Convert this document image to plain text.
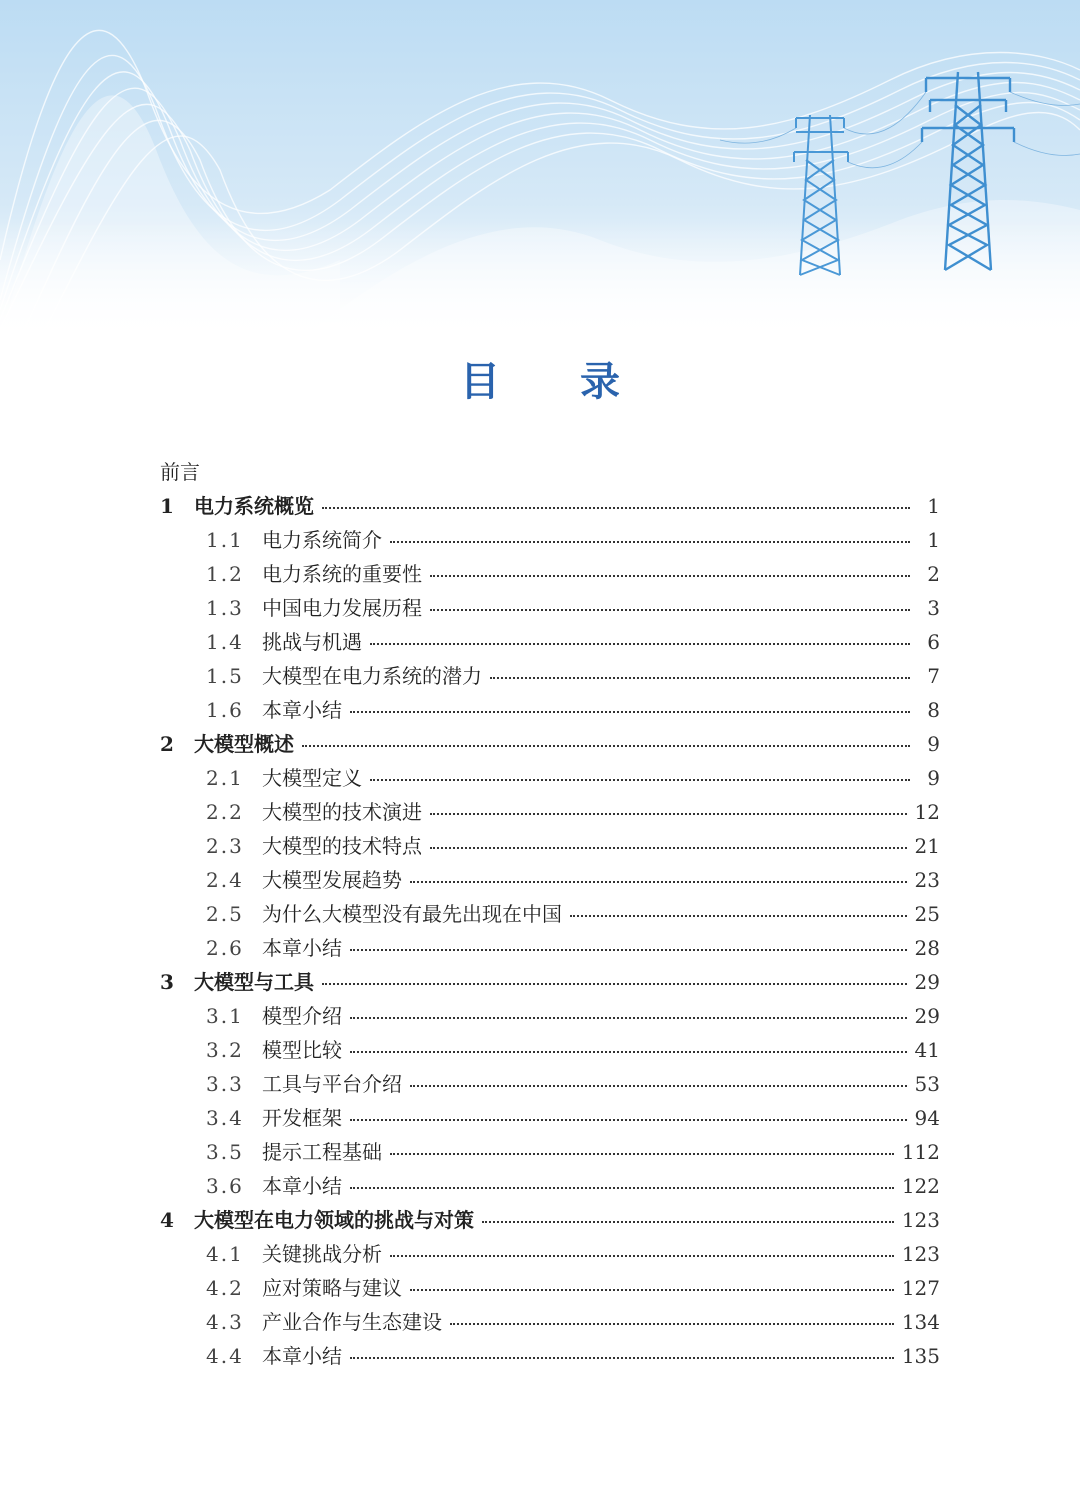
目 录
前言
1	电力系统概览	1
1.1 电力系统简介	1
1.2 电力系统的重要性	2
1.3 中国电力发展历程	3
1.4 挑战与机遇	6
1.5 大模型在电力系统的潜力	7
1.6 本章小结	8
2	大模型概述	9
2.1 大模型定义	9
2.2 大模型的技术演进	12
2.3 大模型的技术特点	21
2.4 大模型发展趋势	23
2.5 为什么大模型没有最先出现在中国	25
2.6 本章小结	28
3	大模型与工具	29
3.1 模型介绍	29
3.2 模型比较	41
3.3 工具与平台介绍	53
3.4 开发框架	94
3.5 提示工程基础	112
3.6 本章小结	122
4	大模型在电力领域的挑战与对策	123
4.1 关键挑战分析	123
4.2 应对策略与建议	127
4.3 产业合作与生态建设	134
4.4 本章小结	135
